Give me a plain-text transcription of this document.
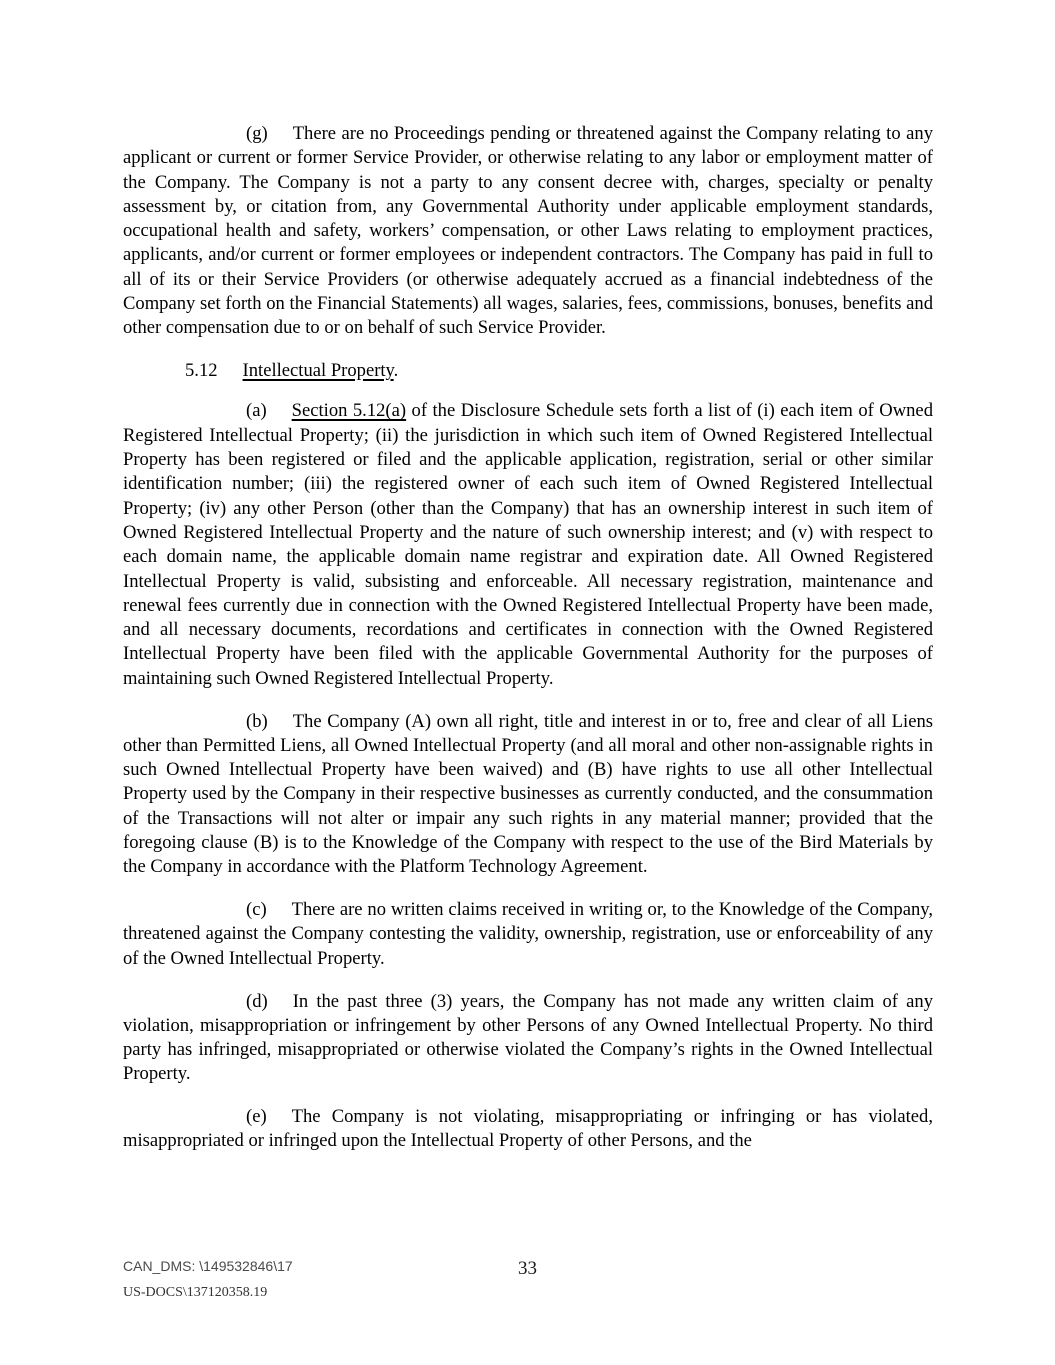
(g) There are no Proceedings pending or threatened against the Company relating to any applicant or current or former Service Provider, or otherwise relating to any labor or employment matter of the Company. The Company is not a party to any consent decree with, charges, specialty or penalty assessment by, or citation from, any Governmental Authority under applicable employment standards, occupational health and safety, workers’ compensation, or other Laws relating to employment practices, applicants, and/or current or former employees or independent contractors. The Company has paid in full to all of its or their Service Providers (or otherwise adequately accrued as a financial indebtedness of the Company set forth on the Financial Statements) all wages, salaries, fees, commissions, bonuses, benefits and other compensation due to or on behalf of such Service Provider.

5.12 Intellectual Property.

(a) Section 5.12(a) of the Disclosure Schedule sets forth a list of (i) each item of Owned Registered Intellectual Property; (ii) the jurisdiction in which such item of Owned Registered Intellectual Property has been registered or filed and the applicable application, registration, serial or other similar identification number; (iii) the registered owner of each such item of Owned Registered Intellectual Property; (iv) any other Person (other than the Company) that has an ownership interest in such item of Owned Registered Intellectual Property and the nature of such ownership interest; and (v) with respect to each domain name, the applicable domain name registrar and expiration date. All Owned Registered Intellectual Property is valid, subsisting and enforceable. All necessary registration, maintenance and renewal fees currently due in connection with the Owned Registered Intellectual Property have been made, and all necessary documents, recordations and certificates in connection with the Owned Registered Intellectual Property have been filed with the applicable Governmental Authority for the purposes of maintaining such Owned Registered Intellectual Property.

(b) The Company (A) own all right, title and interest in or to, free and clear of all Liens other than Permitted Liens, all Owned Intellectual Property (and all moral and other non-assignable rights in such Owned Intellectual Property have been waived) and (B) have rights to use all other Intellectual Property used by the Company in their respective businesses as currently conducted, and the consummation of the Transactions will not alter or impair any such rights in any material manner; provided that the foregoing clause (B) is to the Knowledge of the Company with respect to the use of the Bird Materials by the Company in accordance with the Platform Technology Agreement.

(c) There are no written claims received in writing or, to the Knowledge of the Company, threatened against the Company contesting the validity, ownership, registration, use or enforceability of any of the Owned Intellectual Property.

(d) In the past three (3) years, the Company has not made any written claim of any violation, misappropriation or infringement by other Persons of any Owned Intellectual Property. No third party has infringed, misappropriated or otherwise violated the Company’s rights in the Owned Intellectual Property.

(e) The Company is not violating, misappropriating or infringing or has violated, misappropriated or infringed upon the Intellectual Property of other Persons, and the

CAN_DMS: \149532846\17
US-DOCS\137120358.19
33
